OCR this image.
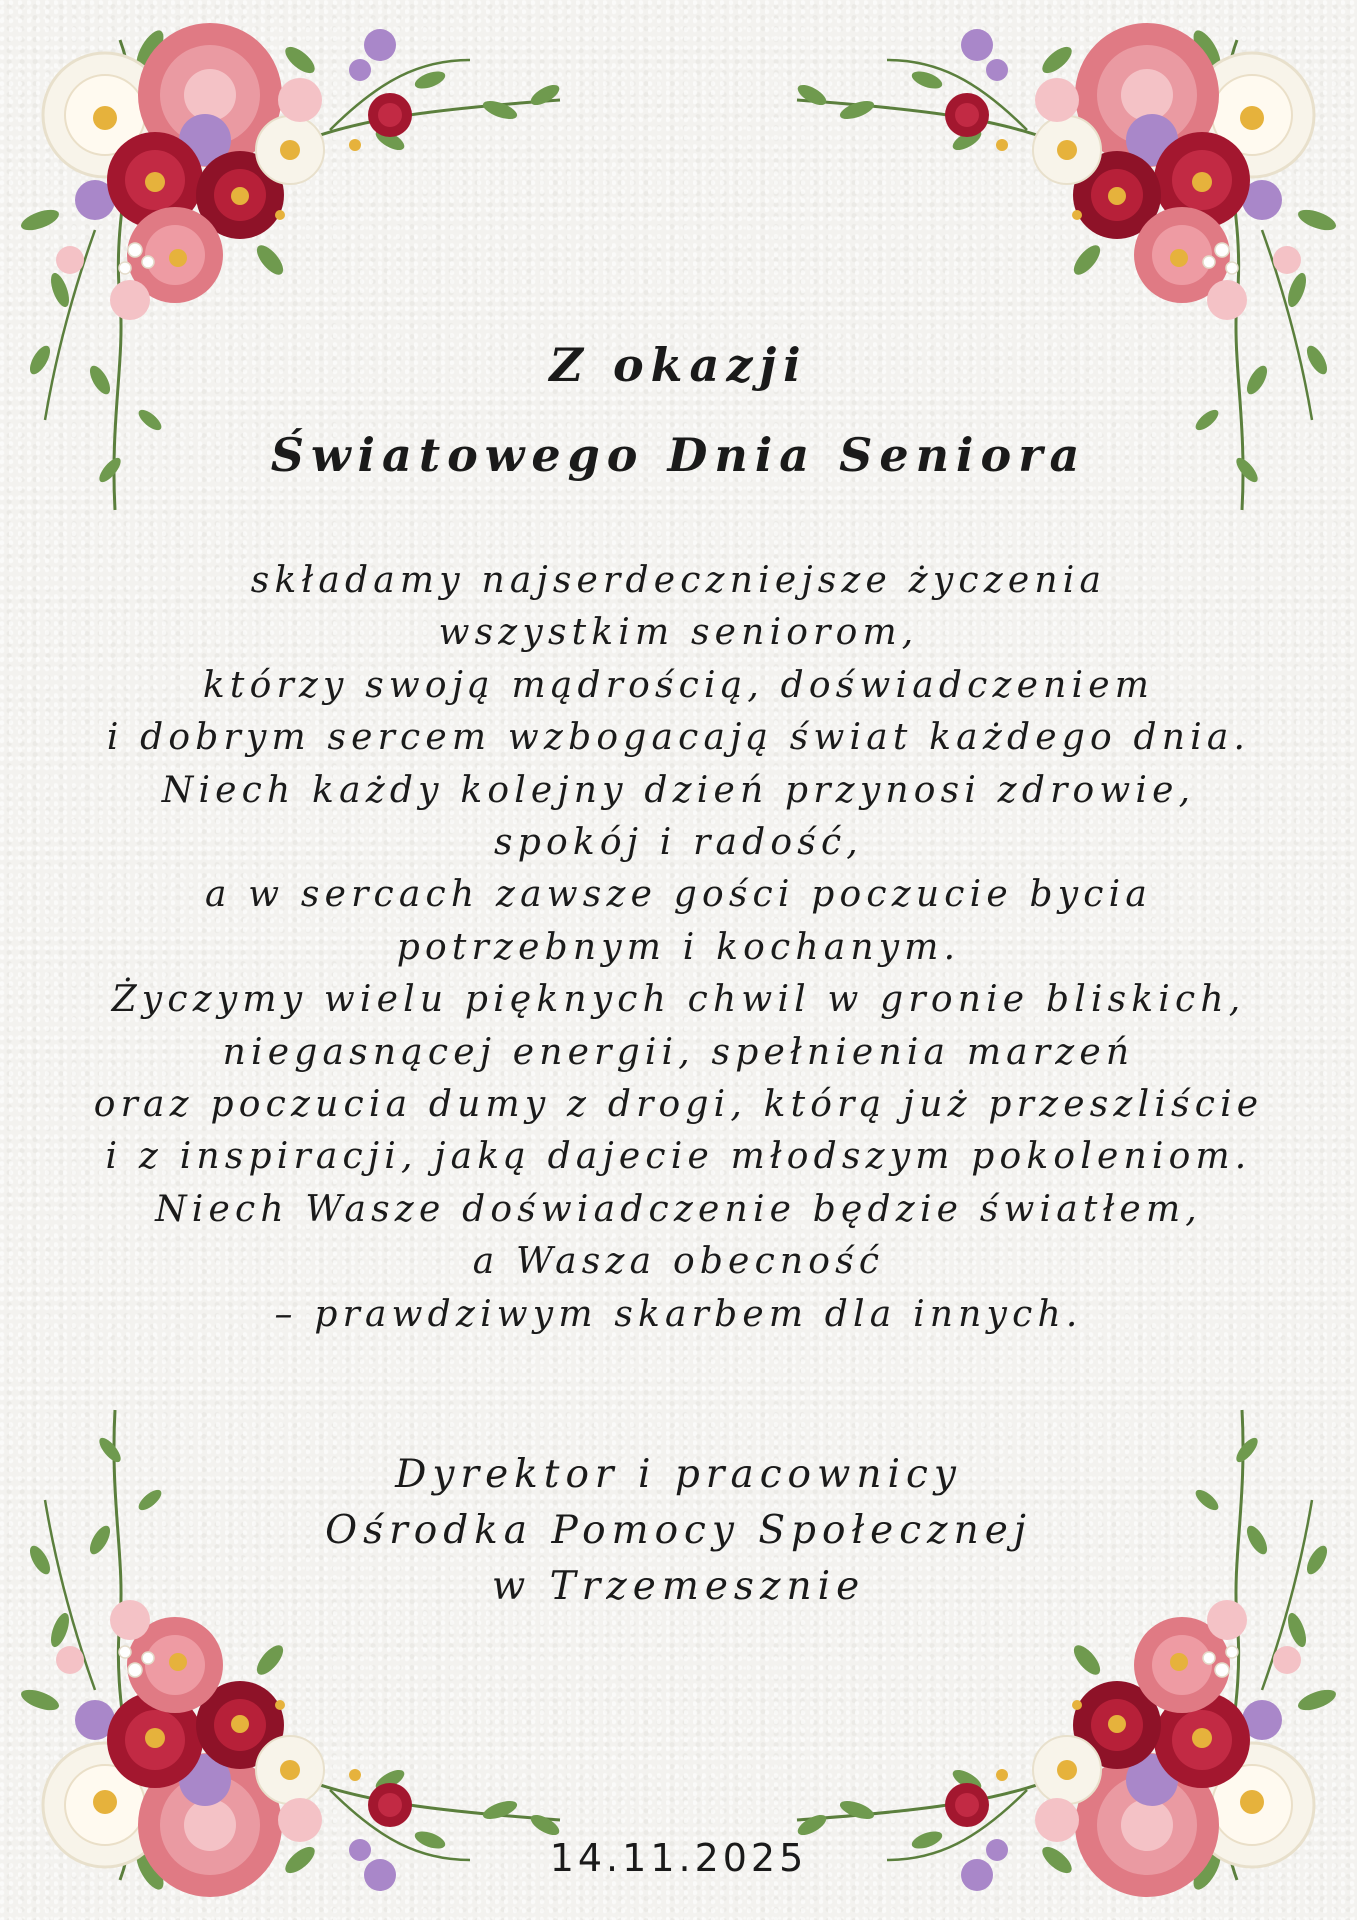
Z okazji
Światowego Dnia Seniora
składamy najserdeczniejsze życzenia
wszystkim seniorom,
którzy swoją mądrością, doświadczeniem
i dobrym sercem wzbogacają świat każdego dnia.
Niech każdy kolejny dzień przynosi zdrowie,
spokój i radość,
a w sercach zawsze gości poczucie bycia
potrzebnym i kochanym.
Życzymy wielu pięknych chwil w gronie bliskich,
niegasnącej energii, spełnienia marzeń
oraz poczucia dumy z drogi, którą już przeszliście
i z inspiracji, jaką dajecie młodszym pokoleniom.
Niech Wasze doświadczenie będzie światłem,
a Wasza obecność
– prawdziwym skarbem dla innych.
Dyrektor i pracownicy
Ośrodka Pomocy Społecznej
w Trzemesznie
14.11.2025
